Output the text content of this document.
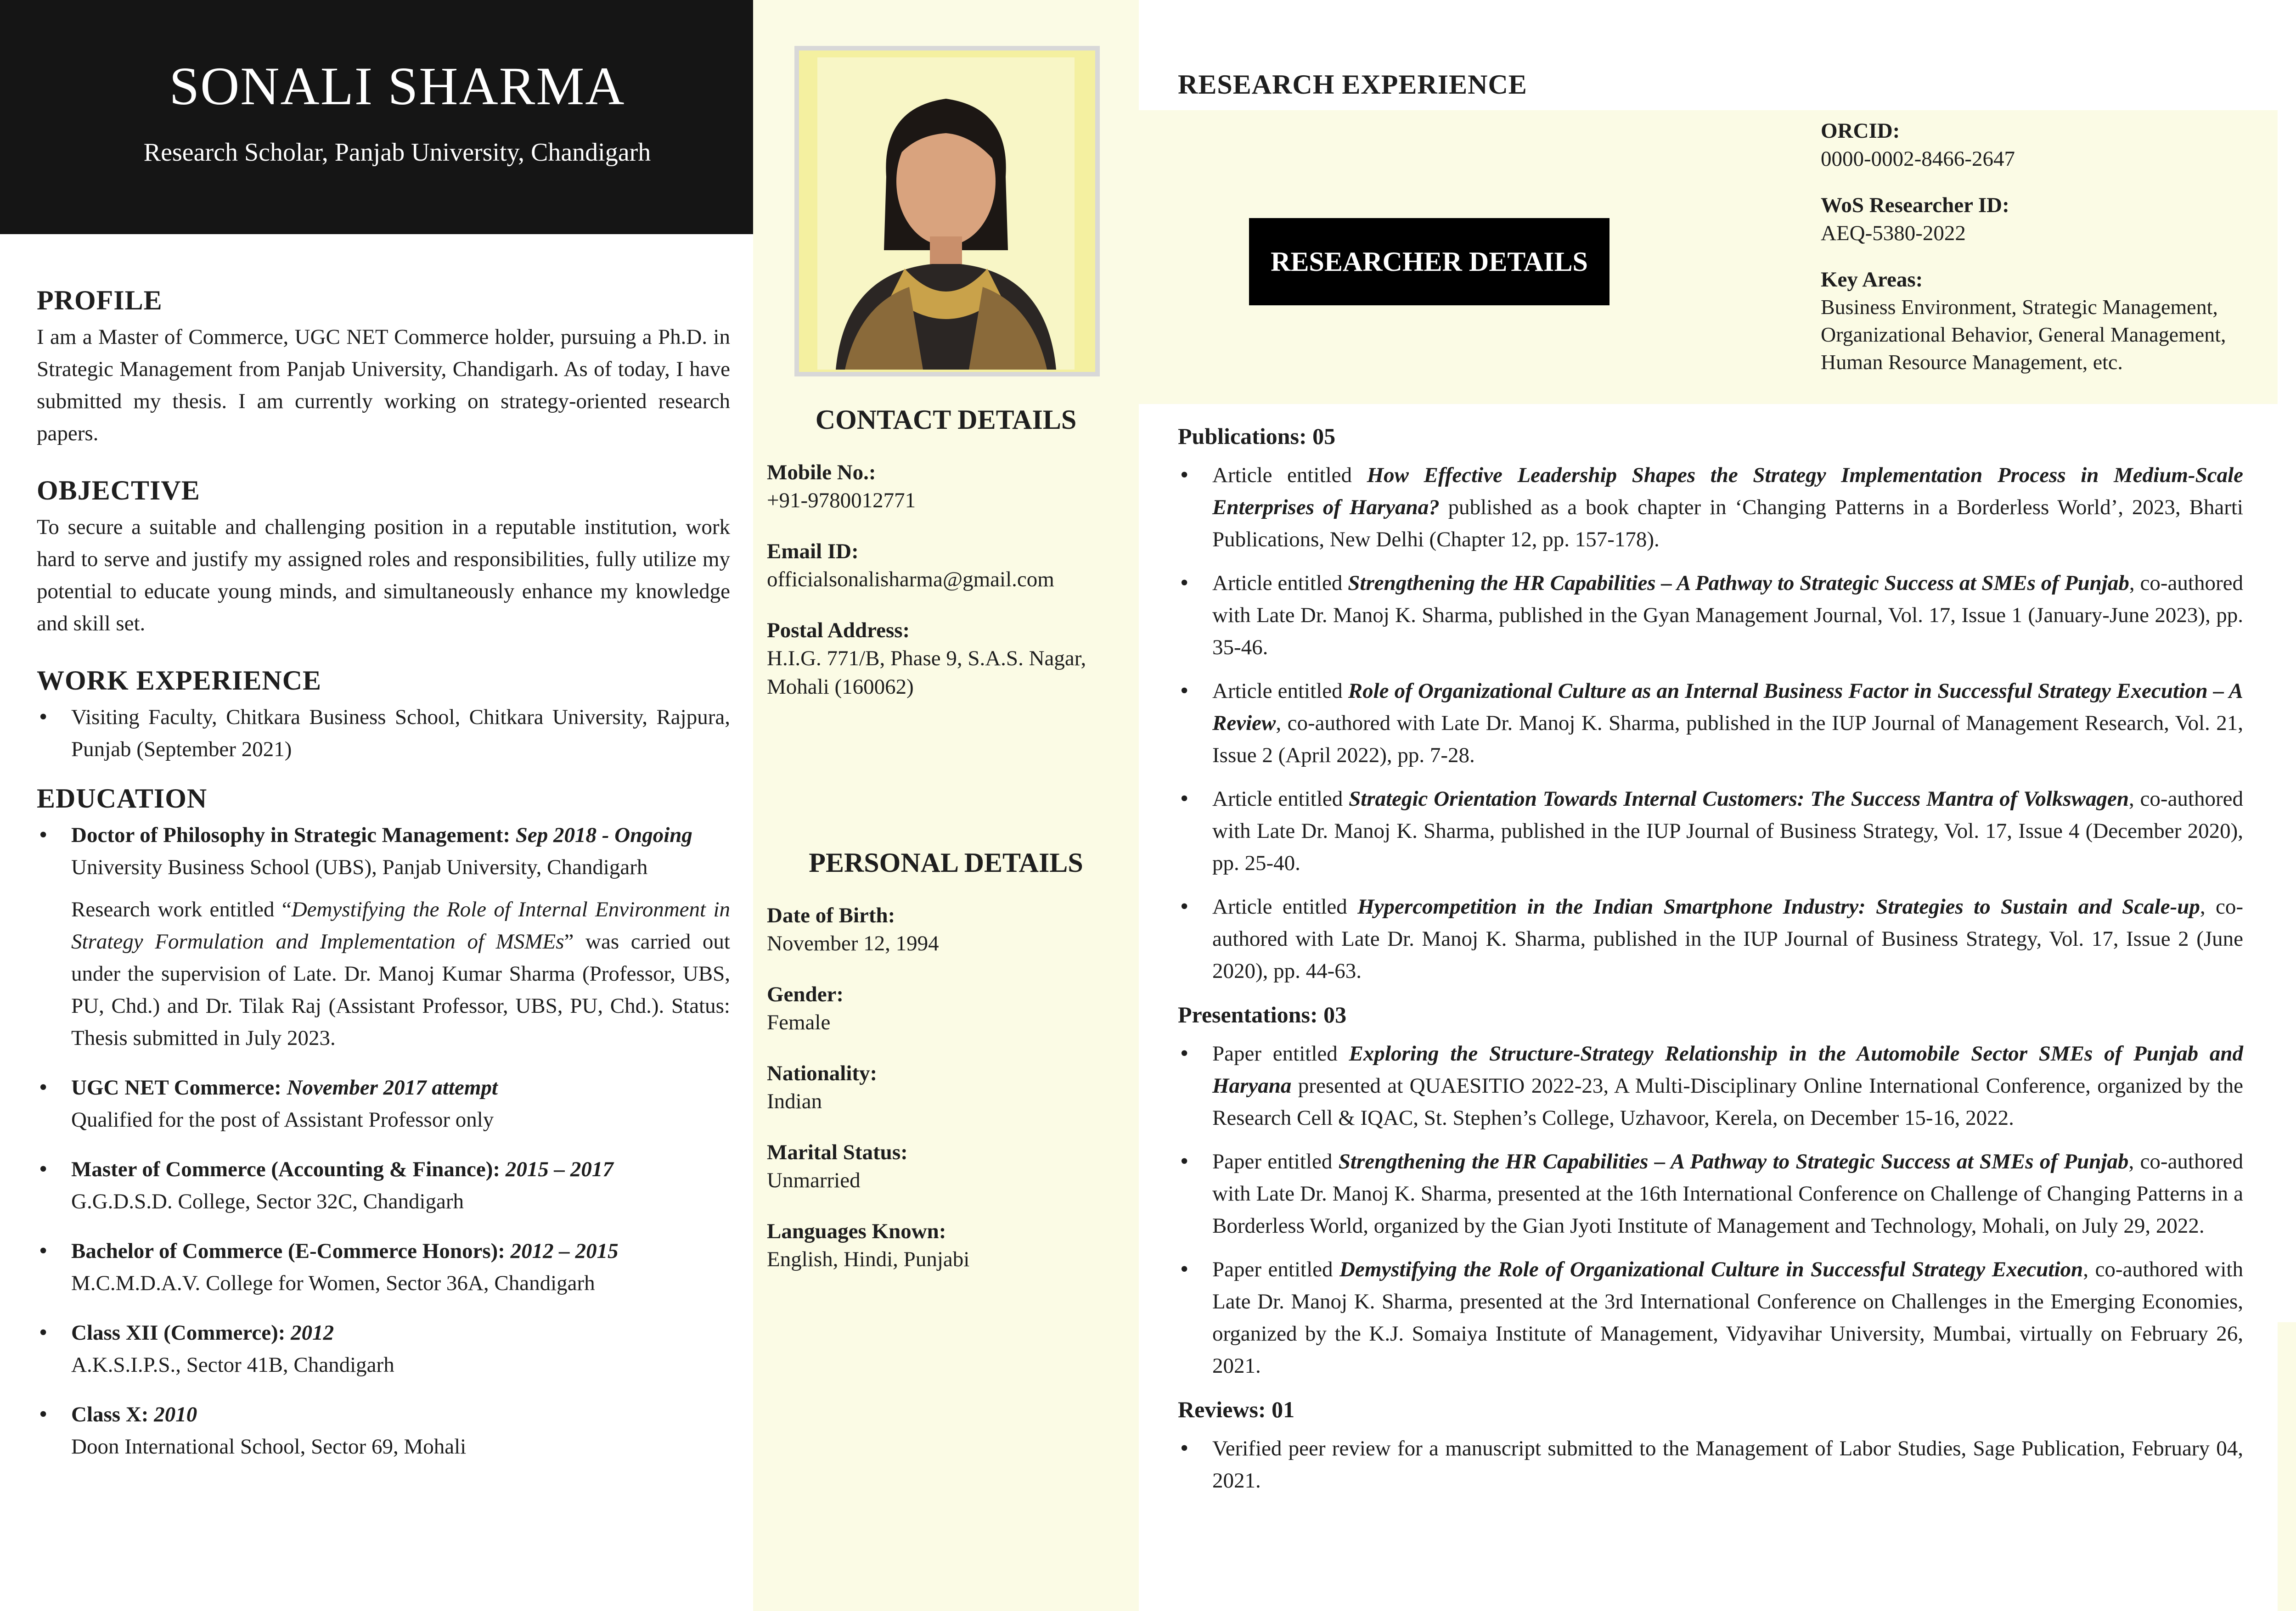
SONALI SHARMA
Research Scholar, Panjab University, Chandigarh
PROFILE

I am a Master of Commerce, UGC NET Commerce holder, pursuing a Ph.D. in Strategic Management from Panjab University, Chandigarh. As of today, I have submitted my thesis. I am currently working on strategy-oriented research papers.

OBJECTIVE

To secure a suitable and challenging position in a reputable institution, work hard to serve and justify my assigned roles and responsibilities, fully utilize my potential to educate young minds, and simultaneously enhance my knowledge and skill set.

WORK EXPERIENCE
• Visiting Faculty, Chitkara Business School, Chitkara University, Rajpura, Punjab (September 2021)
EDUCATION
• Doctor of Philosophy in Strategic Management: Sep 2018 - Ongoing
University Business School (UBS), Panjab University, Chandigarh

Research work entitled “Demystifying the Role of Internal Environment in Strategy Formulation and Implementation of MSMEs” was carried out under the supervision of Late. Dr. Manoj Kumar Sharma (Professor, UBS, PU, Chd.) and Dr. Tilak Raj (Assistant Professor, UBS, PU, Chd.). Status: Thesis submitted in July 2023.

• UGC NET Commerce: November 2017 attempt
Qualified for the post of Assistant Professor only
• Master of Commerce (Accounting & Finance): 2015 – 2017
G.G.D.S.D. College, Sector 32C, Chandigarh
• Bachelor of Commerce (E-Commerce Honors): 2012 – 2015
M.C.M.D.A.V. College for Women, Sector 36A, Chandigarh
• Class XII (Commerce): 2012
A.K.S.I.P.S., Sector 41B, Chandigarh
• Class X: 2010
Doon International School, Sector 69, Mohali
CONTACT DETAILS
Mobile No.:
+91-9780012771
Email ID:
officialsonalisharma@gmail.com
Postal Address:
H.I.G. 771/B, Phase 9, S.A.S. Nagar, Mohali (160062)
PERSONAL DETAILS
Date of Birth:
November 12, 1994
Gender:
Female
Nationality:
Indian
Marital Status:
Unmarried
Languages Known:
English, Hindi, Punjabi
RESEARCH EXPERIENCE
RESEARCHER DETAILS
ORCID:
0000-0002-8466-2647
WoS Researcher ID:
AEQ-5380-2022
Key Areas:
Business Environment, Strategic Management, Organizational Behavior, General Management, Human Resource Management, etc.
Publications: 05
• Article entitled How Effective Leadership Shapes the Strategy Implementation Process in Medium-Scale Enterprises of Haryana? published as a book chapter in ‘Changing Patterns in a Borderless World’, 2023, Bharti Publications, New Delhi (Chapter 12, pp. 157-178).
• Article entitled Strengthening the HR Capabilities – A Pathway to Strategic Success at SMEs of Punjab, co-authored with Late Dr. Manoj K. Sharma, published in the Gyan Management Journal, Vol. 17, Issue 1 (January-June 2023), pp. 35-46.
• Article entitled Role of Organizational Culture as an Internal Business Factor in Successful Strategy Execution – A Review, co-authored with Late Dr. Manoj K. Sharma, published in the IUP Journal of Management Research, Vol. 21, Issue 2 (April 2022), pp. 7-28.
• Article entitled Strategic Orientation Towards Internal Customers: The Success Mantra of Volkswagen, co-authored with Late Dr. Manoj K. Sharma, published in the IUP Journal of Business Strategy, Vol. 17, Issue 4 (December 2020), pp. 25-40.
• Article entitled Hypercompetition in the Indian Smartphone Industry: Strategies to Sustain and Scale-up, co-authored with Late Dr. Manoj K. Sharma, published in the IUP Journal of Business Strategy, Vol. 17, Issue 2 (June 2020), pp. 44-63.
Presentations: 03
• Paper entitled Exploring the Structure-Strategy Relationship in the Automobile Sector SMEs of Punjab and Haryana presented at QUAESITIO 2022-23, A Multi-Disciplinary Online International Conference, organized by the Research Cell & IQAC, St. Stephen’s College, Uzhavoor, Kerela, on December 15-16, 2022.
• Paper entitled Strengthening the HR Capabilities – A Pathway to Strategic Success at SMEs of Punjab, co-authored with Late Dr. Manoj K. Sharma, presented at the 16th International Conference on Challenge of Changing Patterns in a Borderless World, organized by the Gian Jyoti Institute of Management and Technology, Mohali, on July 29, 2022.
• Paper entitled Demystifying the Role of Organizational Culture in Successful Strategy Execution, co-authored with Late Dr. Manoj K. Sharma, presented at the 3rd International Conference on Challenges in the Emerging Economies, organized by the K.J. Somaiya Institute of Management, Vidyavihar University, Mumbai, virtually on February 26, 2021.
Reviews: 01
• Verified peer review for a manuscript submitted to the Management of Labor Studies, Sage Publication, February 04, 2021.
